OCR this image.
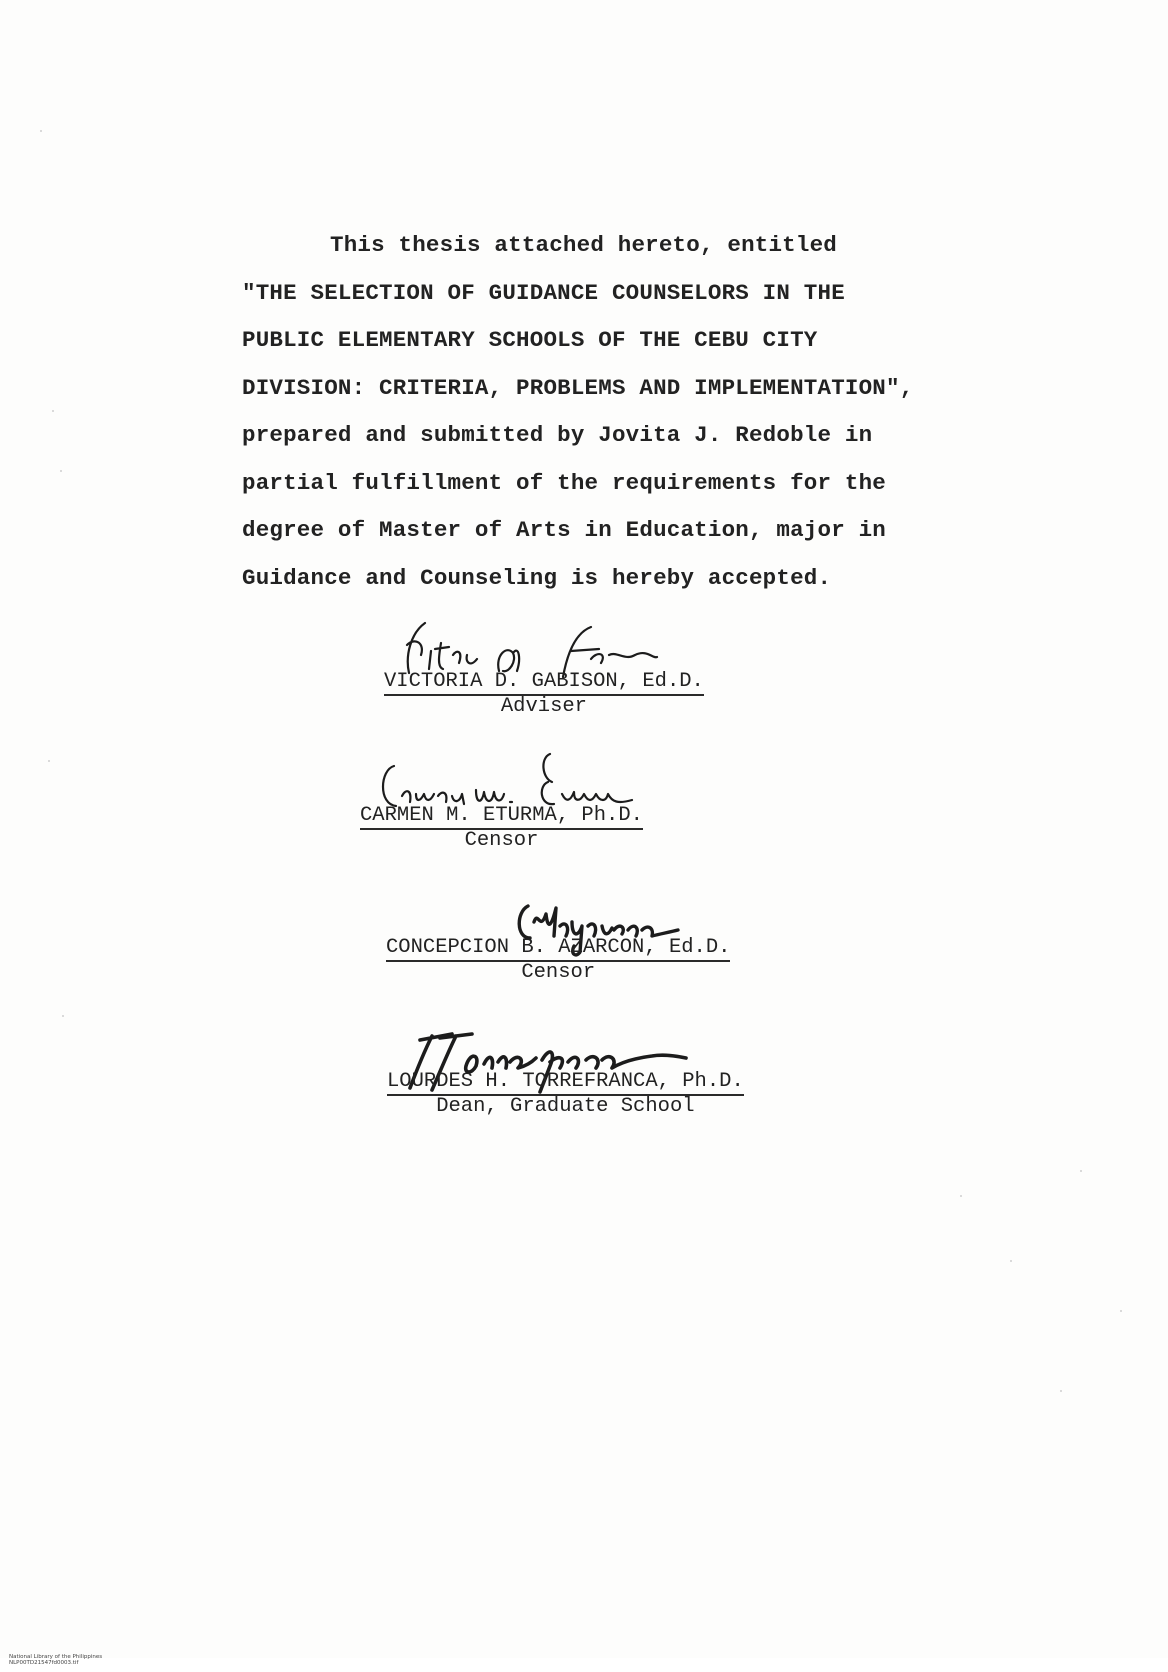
This thesis attached hereto, entitled
"THE SELECTION OF GUIDANCE COUNSELORS IN THE
PUBLIC ELEMENTARY SCHOOLS OF THE CEBU CITY
DIVISION: CRITERIA, PROBLEMS AND IMPLEMENTATION",
prepared and submitted by Jovita J. Redoble in
partial fulfillment of the requirements for the
degree of Master of Arts in Education, major in
Guidance and Counseling is hereby accepted.
VICTORIA D. GABISON, Ed.D.
Adviser
CARMEN M. ETURMA, Ph.D.
Censor
CONCEPCION B. AZARCON, Ed.D.
Censor
LOURDES H. TORREFRANCA, Ph.D.
Dean, Graduate School

National Library of the Philippines
NLP00TD21547fd0003.tif
